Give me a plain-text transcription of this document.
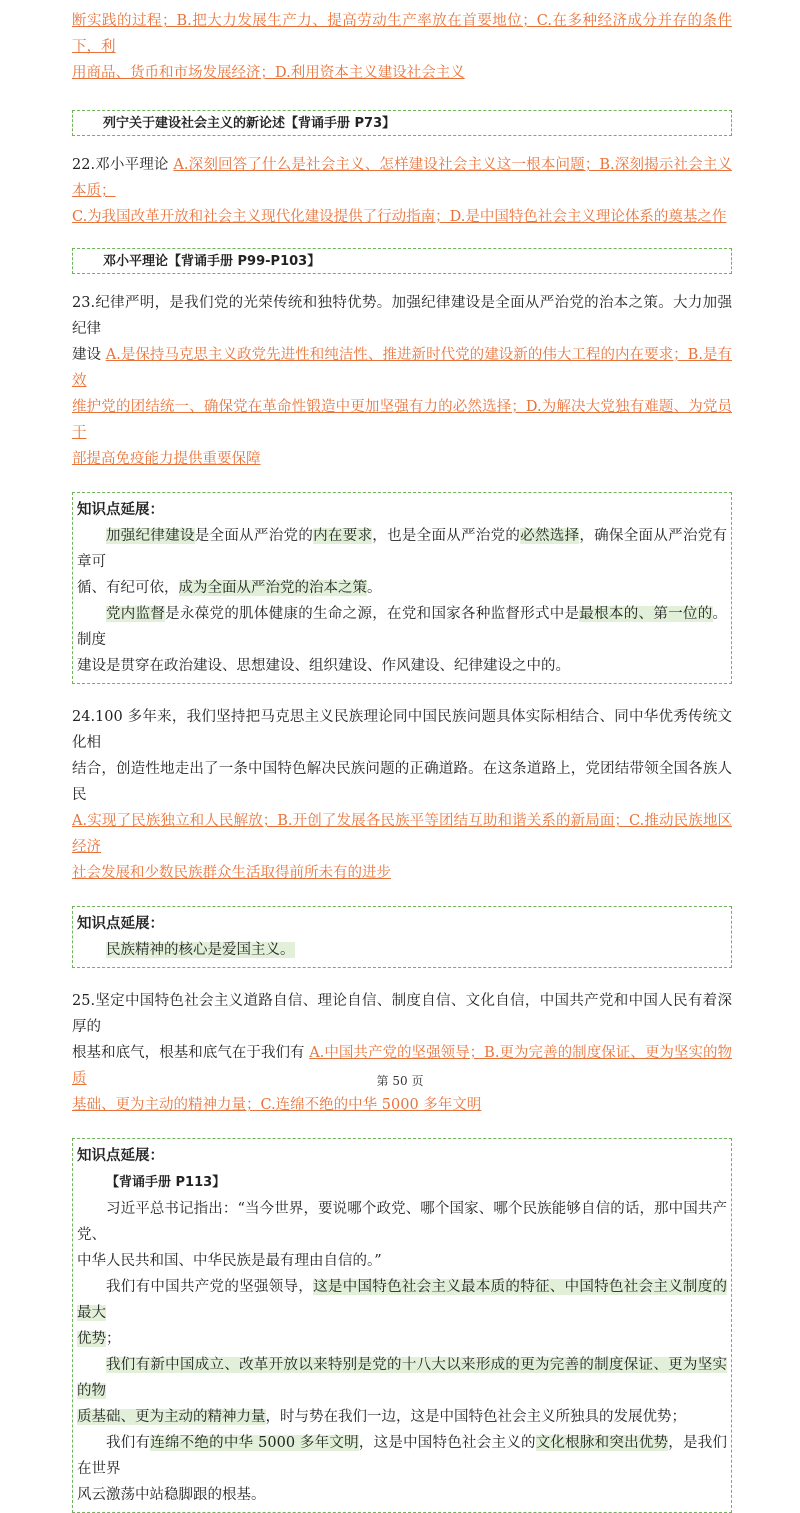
断实践的过程；B.把大力发展生产力、提高劳动生产率放在首要地位；C.在多种经济成分并存的条件下，利
用商品、货币和市场发展经济；D.利用资本主义建设社会主义

列宁关于建设社会主义的新论述【背诵手册 P73】

22.邓小平理论 A.深刻回答了什么是社会主义、怎样建设社会主义这一根本问题；B.深刻揭示社会主义本质；
C.为我国改革开放和社会主义现代化建设提供了行动指南；D.是中国特色社会主义理论体系的奠基之作

邓小平理论【背诵手册 P99-P103】

23.纪律严明，是我们党的光荣传统和独特优势。加强纪律建设是全面从严治党的治本之策。大力加强纪律
建设 A.是保持马克思主义政党先进性和纯洁性、推进新时代党的建设新的伟大工程的内在要求；B.是有效
维护党的团结统一、确保党在革命性锻造中更加坚强有力的必然选择；D.为解决大党独有难题、为党员干
部提高免疫能力提供重要保障

知识点延展：

加强纪律建设是全面从严治党的内在要求，也是全面从严治党的必然选择，确保全面从严治党有章可
循、有纪可依，成为全面从严治党的治本之策。

党内监督是永葆党的肌体健康的生命之源，在党和国家各种监督形式中是最根本的、第一位的。制度
建设是贯穿在政治建设、思想建设、组织建设、作风建设、纪律建设之中的。

24.100 多年来，我们坚持把马克思主义民族理论同中国民族问题具体实际相结合、同中华优秀传统文化相
结合，创造性地走出了一条中国特色解决民族问题的正确道路。在这条道路上，党团结带领全国各族人民
A.实现了民族独立和人民解放；B.开创了发展各民族平等团结互助和谐关系的新局面；C.推动民族地区经济
社会发展和少数民族群众生活取得前所未有的进步

知识点延展：

民族精神的核心是爱国主义。

25.坚定中国特色社会主义道路自信、理论自信、制度自信、文化自信，中国共产党和中国人民有着深厚的
根基和底气，根基和底气在于我们有 A.中国共产党的坚强领导；B.更为完善的制度保证、更为坚实的物质
基础、更为主动的精神力量；C.连绵不绝的中华 5000 多年文明

知识点延展：

【背诵手册 P113】

习近平总书记指出：“当今世界，要说哪个政党、哪个国家、哪个民族能够自信的话，那中国共产党、
中华人民共和国、中华民族是最有理由自信的。”

我们有中国共产党的坚强领导，这是中国特色社会主义最本质的特征、中国特色社会主义制度的最大
优势；

我们有新中国成立、改革开放以来特别是党的十八大以来形成的更为完善的制度保证、更为坚实的物
质基础、更为主动的精神力量，时与势在我们一边，这是中国特色社会主义所独具的发展优势；

我们有连绵不绝的中华 5000 多年文明，这是中国特色社会主义的文化根脉和突出优势，是我们在世界
风云激荡中站稳脚跟的根基。

第 50 页
